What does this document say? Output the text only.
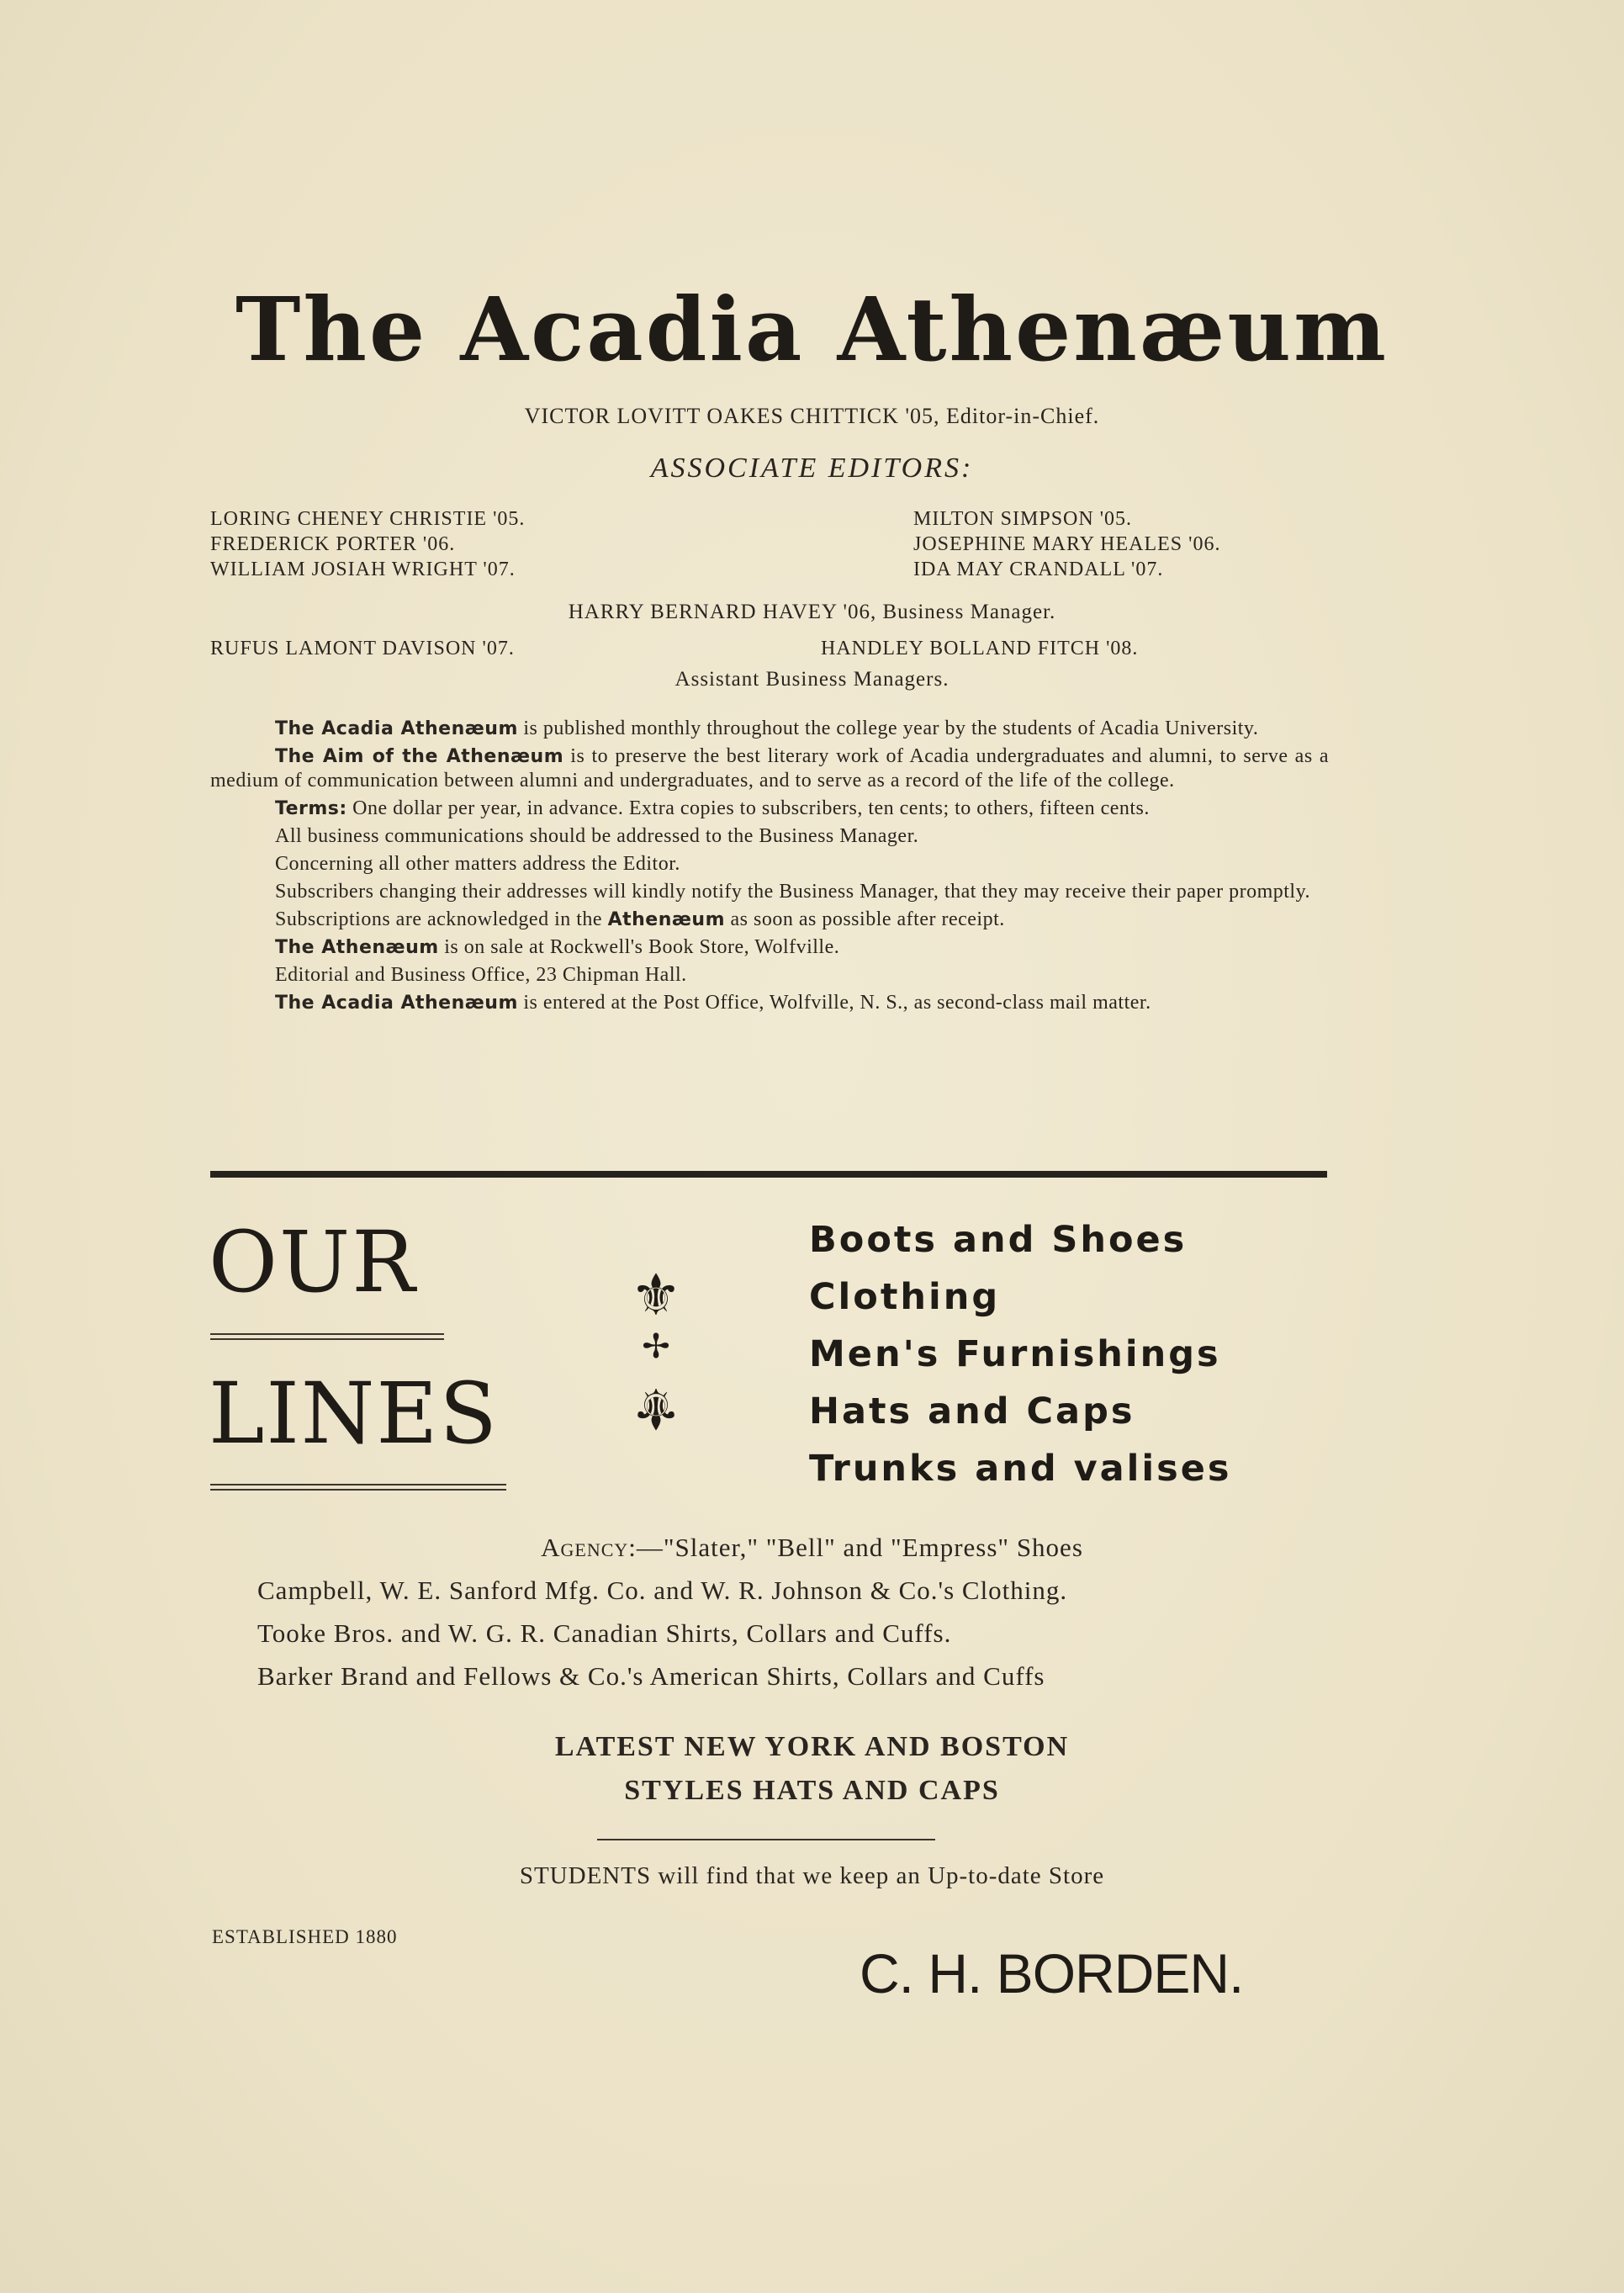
The Acadia Athenæum
VICTOR LOVITT OAKES CHITTICK '05, Editor-in-Chief.
ASSOCIATE EDITORS:
LORING CHENEY CHRISTIE '05.
FREDERICK PORTER '06.
WILLIAM JOSIAH WRIGHT '07.
MILTON SIMPSON '05.
JOSEPHINE MARY HEALES '06.
IDA MAY CRANDALL '07.
HARRY BERNARD HAVEY '06, Business Manager.
RUFUS LAMONT DAVISON '07.	HANDLEY BOLLAND FITCH '08.
Assistant Business Managers.

The Acadia Athenæum is published monthly throughout the college year by the students of Acadia University.

The Aim of the Athenæum is to preserve the best literary work of Acadia undergraduates and alumni, to serve as a medium of communication between alumni and undergraduates, and to serve as a record of the life of the college.

Terms: One dollar per year, in advance. Extra copies to subscribers, ten cents; to others, fifteen cents.

All business communications should be addressed to the Business Manager.

Concerning all other matters address the Editor.

Subscribers changing their addresses will kindly notify the Business Manager, that they may receive their paper promptly.

Subscriptions are acknowledged in the Athenæum as soon as possible after receipt.

The Athenæum is on sale at Rockwell's Book Store, Wolfville.

Editorial and Business Office, 23 Chipman Hall.

The Acadia Athenæum is entered at the Post Office, Wolfville, N. S., as second-class mail matter.

OUR
LINES
⚜
✢
⚜
Boots and Shoes
Clothing
Men's Furnishings
Hats and Caps
Trunks and valises
Agency:—"Slater," "Bell" and "Empress" Shoes
Campbell, W. E. Sanford Mfg. Co. and W. R. Johnson & Co.'s Clothing.
Tooke Bros. and W. G. R. Canadian Shirts, Collars and Cuffs.
Barker Brand and Fellows & Co.'s American Shirts, Collars and Cuffs
LATEST NEW YORK AND BOSTON
STYLES HATS AND CAPS
STUDENTS will find that we keep an Up-to-date Store
ESTABLISHED 1880
C. H. BORDEN.
